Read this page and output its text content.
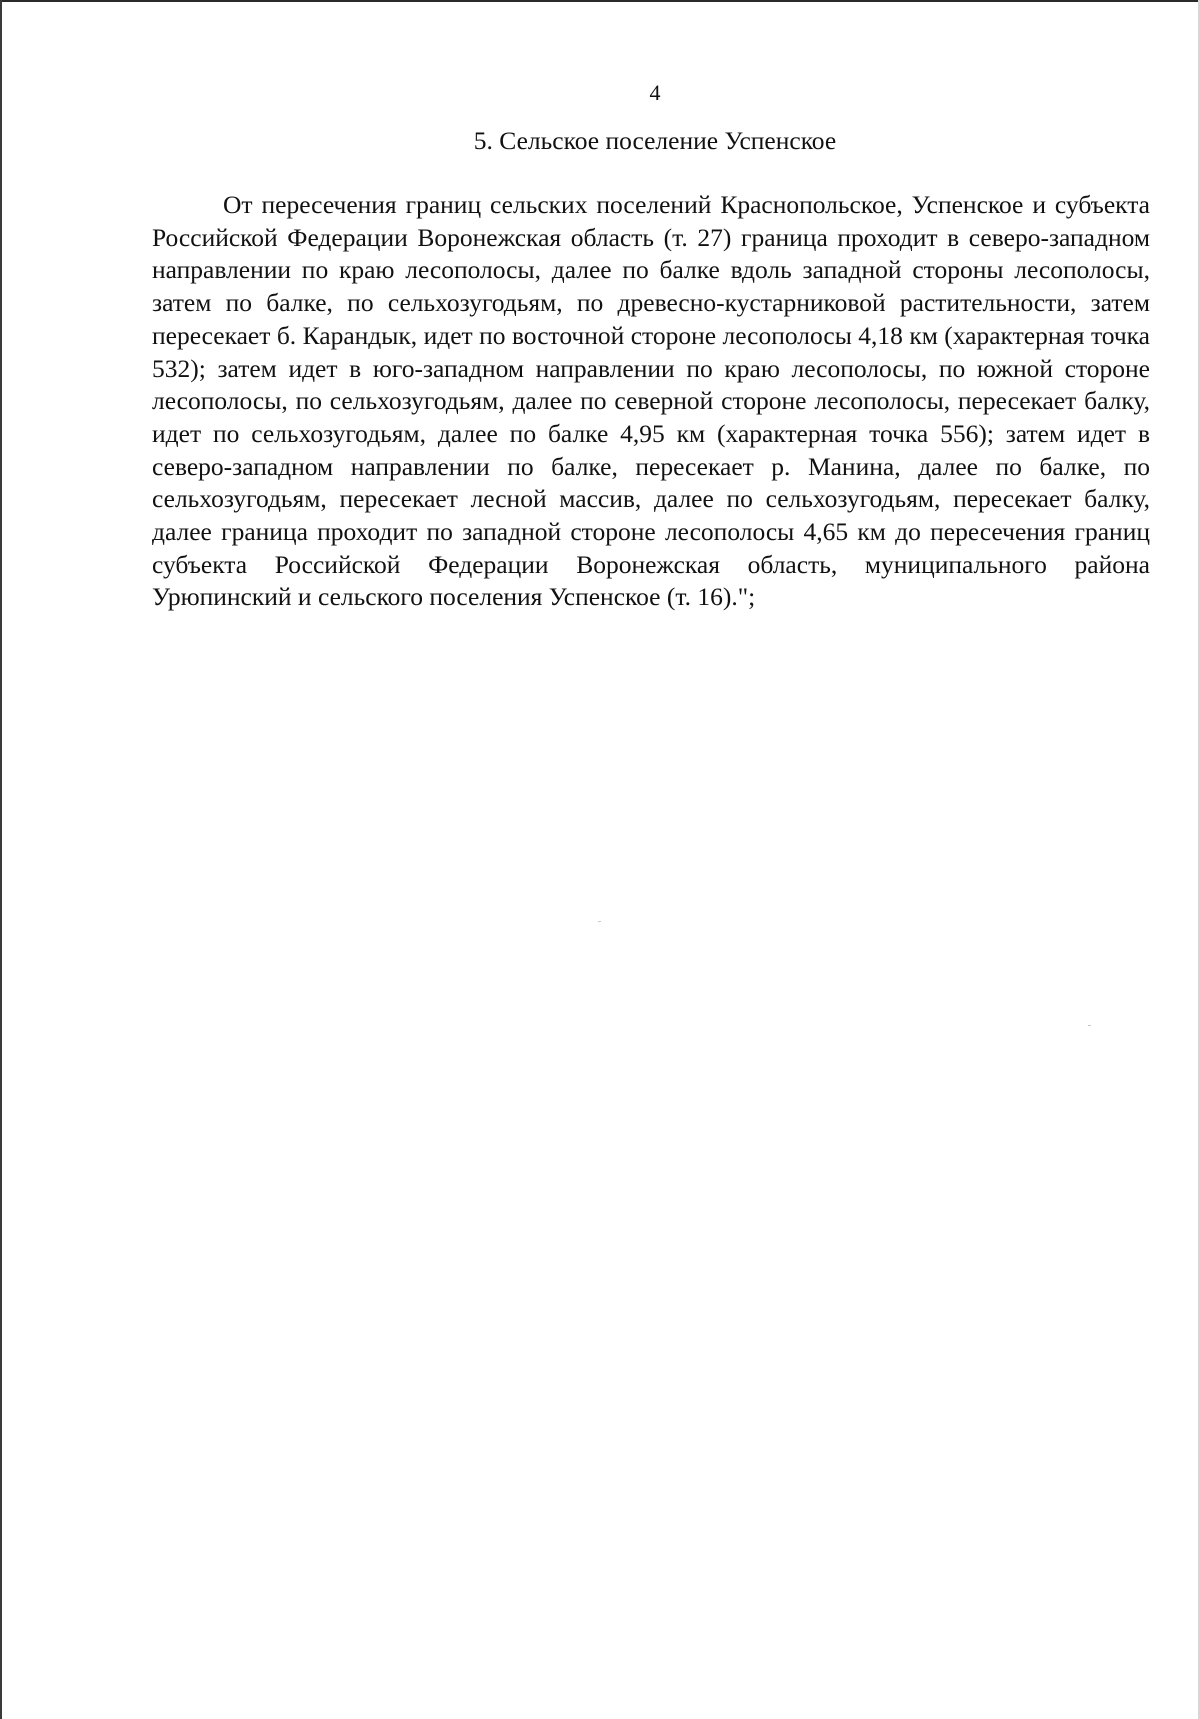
4
5. Сельское поселение Успенское

От пересечения границ сельских поселений Краснопольское, Успенское и субъекта Российской Федерации Воронежская область (т. 27) граница проходит в северо-западном направлении по краю лесополосы, далее по балке вдоль западной стороны лесополосы, затем по балке, по сельхозугодьям, по древесно-кустарниковой растительности, затем пересекает б. Карандык, идет по восточной стороне лесополосы 4,18 км (характерная точка 532); затем идет в юго-западном направлении по краю лесополосы, по южной стороне лесополосы, по сельхозугодьям, далее по северной стороне лесополосы, пересекает балку, идет по сельхозугодьям, далее по балке 4,95 км (характерная точка 556); затем идет в северо-западном направлении по балке, пересекает р. Манина, далее по балке, по сельхозугодьям, пересекает лесной массив, далее по сельхозугодьям, пересекает балку, далее граница проходит по западной стороне лесополосы 4,65 км до пересечения границ субъекта Российской Федерации Воронежская область, муниципального района Урюпинский и сельского поселения Успенское (т. 16).";
